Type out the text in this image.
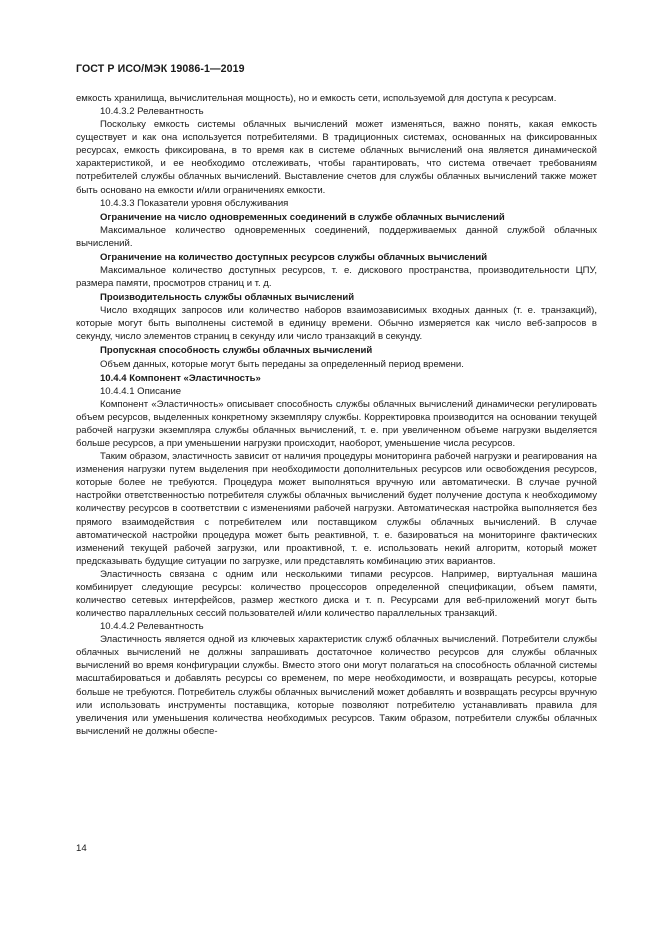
ГОСТ Р ИСО/МЭК 19086-1—2019

емкость хранилища, вычислительная мощность), но и емкость сети, используемой для доступа к ресурсам.

10.4.3.2 Релевантность

Поскольку емкость системы облачных вычислений может изменяться, важно понять, какая емкость существует и как она используется потребителями. В традиционных системах, основанных на фиксированных ресурсах, емкость фиксирована, в то время как в системе облачных вычислений она является динамической характеристикой, и ее необходимо отслеживать, чтобы гарантировать, что система отвечает требованиям потребителей службы облачных вычислений. Выставление счетов для службы облачных вычислений также может быть основано на емкости и/или ограничениях емкости.

10.4.3.3 Показатели уровня обслуживания

Ограничение на число одновременных соединений в службе облачных вычислений

Максимальное количество одновременных соединений, поддерживаемых данной службой облачных вычислений.

Ограничение на количество доступных ресурсов службы облачных вычислений

Максимальное количество доступных ресурсов, т. е. дискового пространства, производительности ЦПУ, размера памяти, просмотров страниц и т. д.

Производительность службы облачных вычислений

Число входящих запросов или количество наборов взаимозависимых входных данных (т. е. транзакций), которые могут быть выполнены системой в единицу времени. Обычно измеряется как число веб-запросов в секунду, число элементов страниц в секунду или число транзакций в секунду.

Пропускная способность службы облачных вычислений

Объем данных, которые могут быть переданы за определенный период времени.

10.4.4 Компонент «Эластичность»

10.4.4.1 Описание

Компонент «Эластичность» описывает способность службы облачных вычислений динамически регулировать объем ресурсов, выделенных конкретному экземпляру службы. Корректировка производится на основании текущей рабочей нагрузки экземпляра службы облачных вычислений, т. е. при увеличенном объеме нагрузки выделяется больше ресурсов, а при уменьшении нагрузки происходит, наоборот, уменьшение числа ресурсов.

Таким образом, эластичность зависит от наличия процедуры мониторинга рабочей нагрузки и реагирования на изменения нагрузки путем выделения при необходимости дополнительных ресурсов или освобождения ресурсов, которые более не требуются. Процедура может выполняться вручную или автоматически. В случае ручной настройки ответственностью потребителя службы облачных вычислений будет получение доступа к необходимому количеству ресурсов в соответствии с изменениями рабочей нагрузки. Автоматическая настройка выполняется без прямого взаимодействия с потребителем или поставщиком службы облачных вычислений. В случае автоматической настройки процедура может быть реактивной, т. е. базироваться на мониторинге фактических изменений текущей рабочей загрузки, или проактивной, т. е. использовать некий алгоритм, который может предсказывать будущие ситуации по загрузке, или представлять комбинацию этих вариантов.

Эластичность связана с одним или несколькими типами ресурсов. Например, виртуальная машина комбинирует следующие ресурсы: количество процессоров определенной спецификации, объем памяти, количество сетевых интерфейсов, размер жесткого диска и т. п. Ресурсами для веб-приложений могут быть количество параллельных сессий пользователей и/или количество параллельных транзакций.

10.4.4.2 Релевантность

Эластичность является одной из ключевых характеристик служб облачных вычислений. Потребители службы облачных вычислений не должны запрашивать достаточное количество ресурсов для службы облачных вычислений во время конфигурации службы. Вместо этого они могут полагаться на способность облачной системы масштабироваться и добавлять ресурсы со временем, по мере необходимости, и возвращать ресурсы, которые больше не требуются. Потребитель службы облачных вычислений может добавлять и возвращать ресурсы вручную или использовать инструменты поставщика, которые позволяют потребителю устанавливать правила для увеличения или уменьшения количества необходимых ресурсов. Таким образом, потребители службы облачных вычислений не должны обеспе-

14
